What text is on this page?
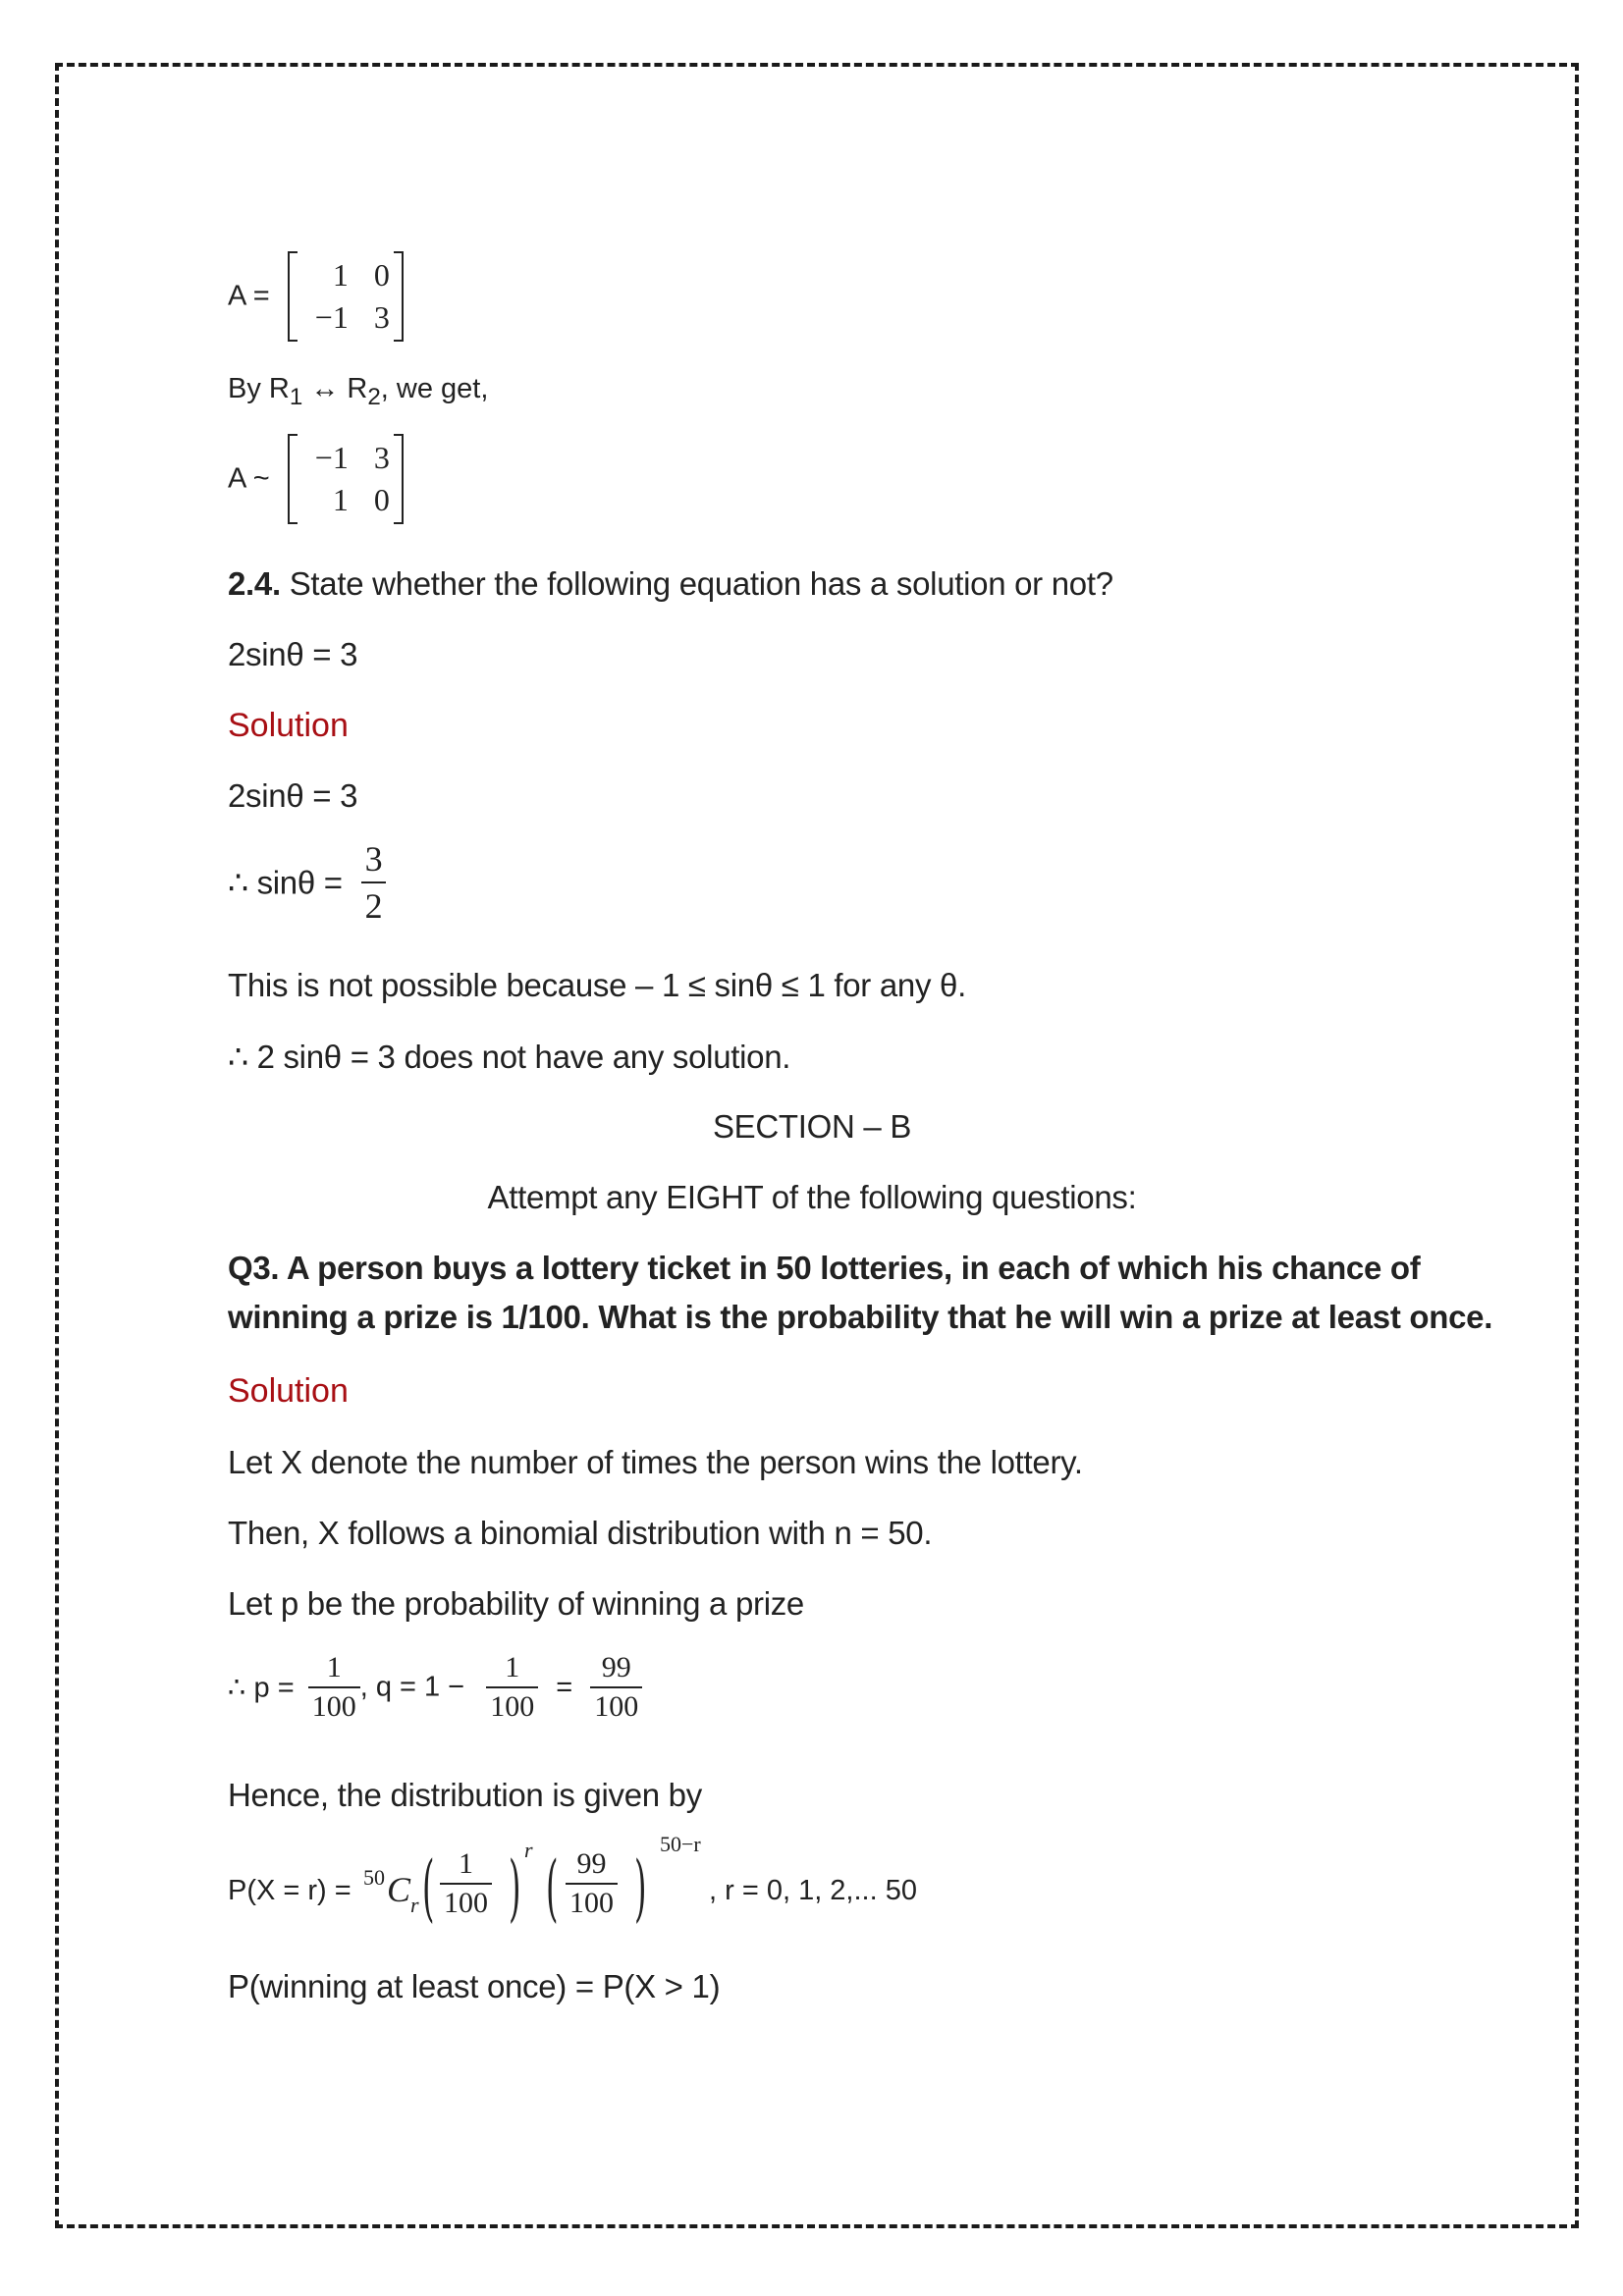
A =
1 0
−1 3
By $R_1$ ↔ $R_2$, we get,
A ~
−1 3
1 0
2.4. State whether the following equation has a solution or not?
2sinθ = 3
Solution
2sinθ = 3
∴ $\sin\theta = \frac{3}{2}$
This is not possible because – 1 ≤ sinθ ≤ 1 for any θ.
∴ 2 sinθ = 3 does not have any solution.
SECTION – B
Attempt any EIGHT of the following questions:
Q3. A person buys a lottery ticket in 50 lotteries, in each of which his chance of
winning a prize is 1/100. What is the probability that he will win a prize at least once.
Solution
Let X denote the number of times the person wins the lottery.
Then, X follows a binomial distribution with n = 50.
Let p be the probability of winning a prize
∴ $p = \frac{1}{100}$ , $q = 1 - \frac{1}{100} = \frac{99}{100}$
Hence, the distribution is given by
P(X = r) = 50 C r ( $\frac{1}{100}$ ) r ( $\frac{99}{100}$ )
50−r
, r = 0, 1, 2,... 50
P(winning at least once) = P(X > 1)
